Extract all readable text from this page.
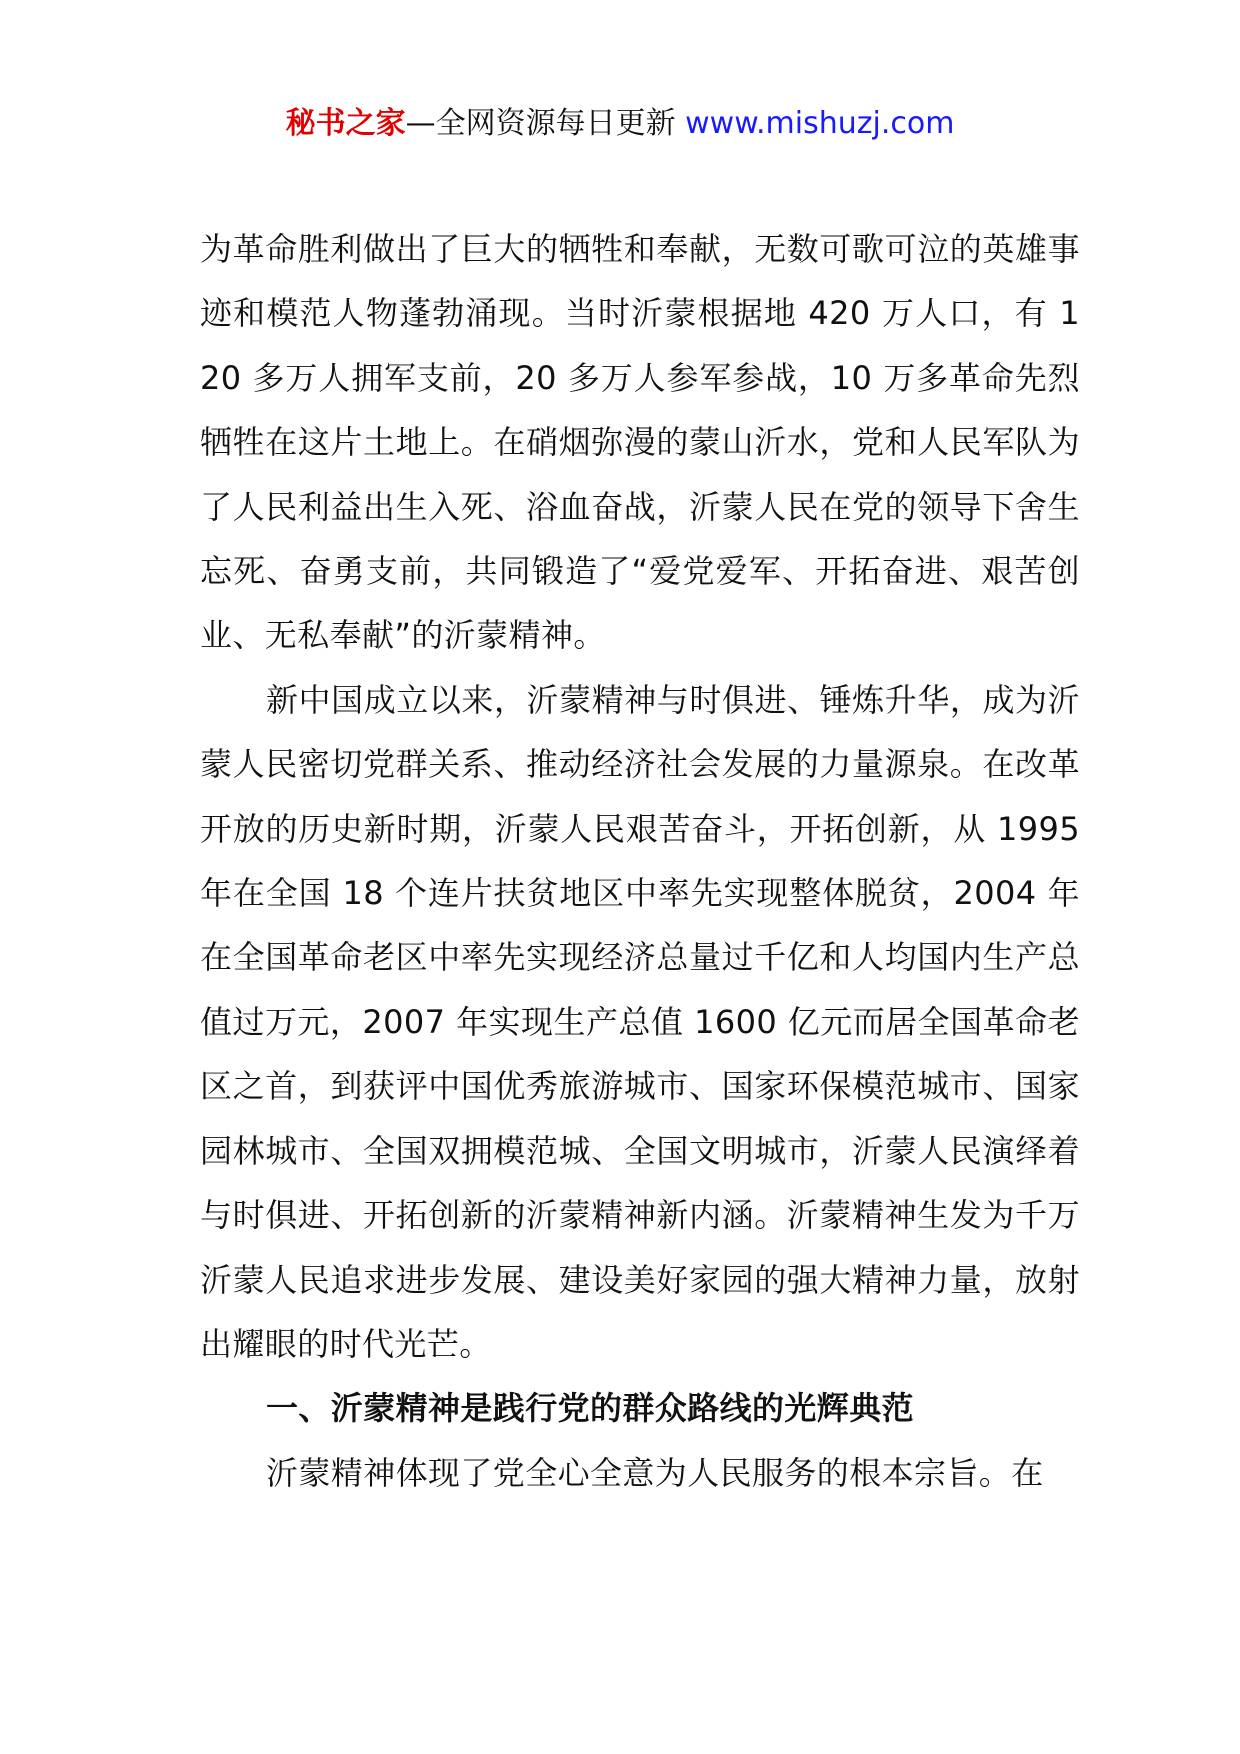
秘书之家—全网资源每日更新 www.mishuzj.com

为革命胜利做出了巨大的牺牲和奉献，无数可歌可泣的英雄事迹和模范人物蓬勃涌现。当时沂蒙根据地 420 万人口，有 120 多万人拥军支前，20 多万人参军参战，10 万多革命先烈牺牲在这片土地上。在硝烟弥漫的蒙山沂水，党和人民军队为了人民利益出生入死、浴血奋战，沂蒙人民在党的领导下舍生忘死、奋勇支前，共同锻造了“爱党爱军、开拓奋进、艰苦创业、无私奉献”的沂蒙精神。

新中国成立以来，沂蒙精神与时俱进、锤炼升华，成为沂蒙人民密切党群关系、推动经济社会发展的力量源泉。在改革开放的历史新时期，沂蒙人民艰苦奋斗，开拓创新，从 1995 年在全国 18 个连片扶贫地区中率先实现整体脱贫，2004 年在全国革命老区中率先实现经济总量过千亿和人均国内生产总值过万元，2007 年实现生产总值 1600 亿元而居全国革命老区之首，到获评中国优秀旅游城市、国家环保模范城市、国家园林城市、全国双拥模范城、全国文明城市，沂蒙人民演绎着与时俱进、开拓创新的沂蒙精神新内涵。沂蒙精神生发为千万沂蒙人民追求进步发展、建设美好家园的强大精神力量，放射出耀眼的时代光芒。

一、沂蒙精神是践行党的群众路线的光辉典范

沂蒙精神体现了党全心全意为人民服务的根本宗旨。在
